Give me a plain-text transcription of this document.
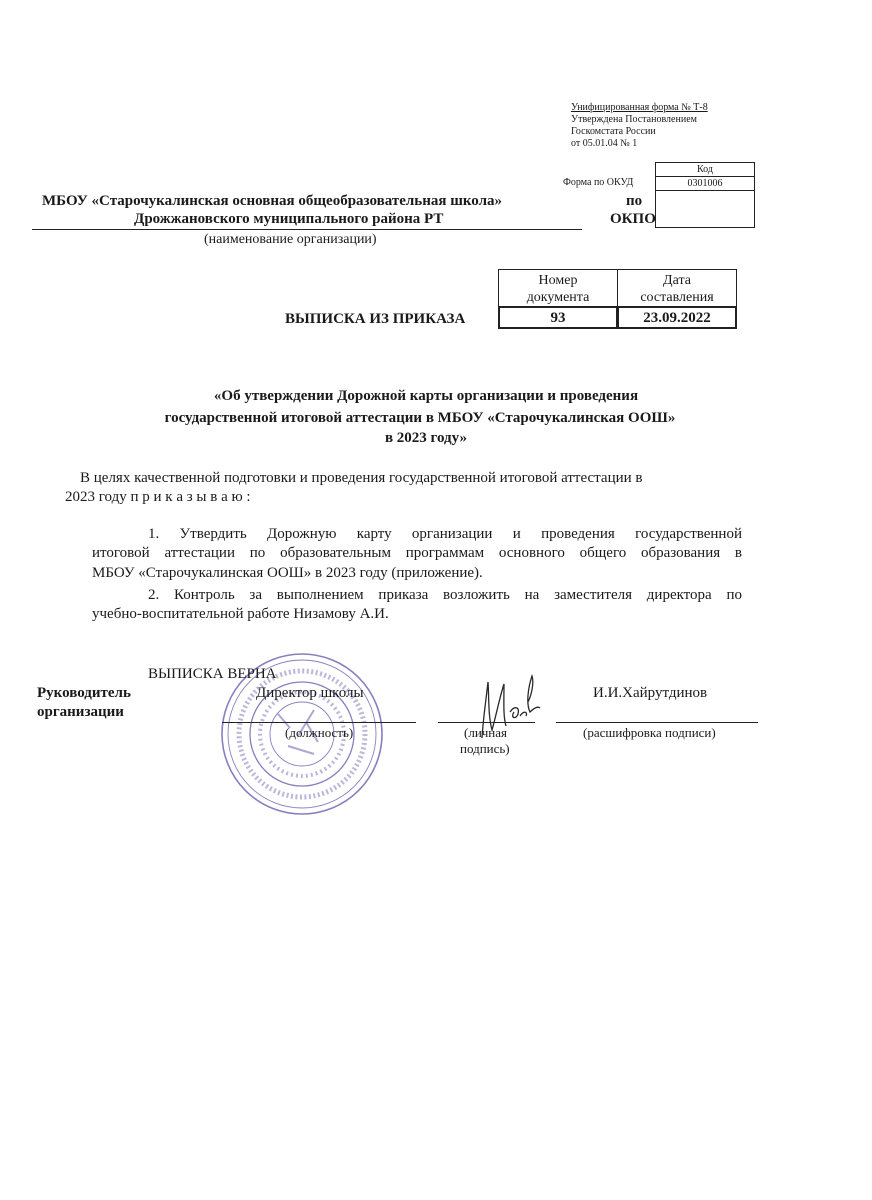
Унифицированная форма № Т-8
Утверждена Постановлением
Госкомстата России
от 05.01.04 № 1
Код
0301006
Форма по ОКУД
по
ОКПО
МБОУ «Старочукалинская основная общеобразовательная школа»
Дрожжановского муниципального района РТ
(наименование организации)
Номер
документа
Дата
составления
93	23.09.2022
ВЫПИСКА ИЗ ПРИКАЗА
«Об утверждении Дорожной карты организации и проведения
государственной итоговой аттестации в МБОУ «Старочукалинская ООШ»
в 2023 году»
В целях качественной подготовки и проведения государственной итоговой аттестации в
2023 году п р и к а з ы в а ю :
1. Утвердить Дорожную карту организации и проведения государственной
итоговой аттестации по образовательным программам основного общего образования в
МБОУ «Старочукалинская ООШ» в 2023 году (приложение).
2. Контроль за выполнением приказа возложить на заместителя директора по
учебно-воспитательной работе Низамову А.И.
ВЫПИСКА ВЕРНА
Руководитель
организации
Директор школы
(должность)	(личная
подпись)
И.И.Хайрутдинов
(расшифровка подписи)
